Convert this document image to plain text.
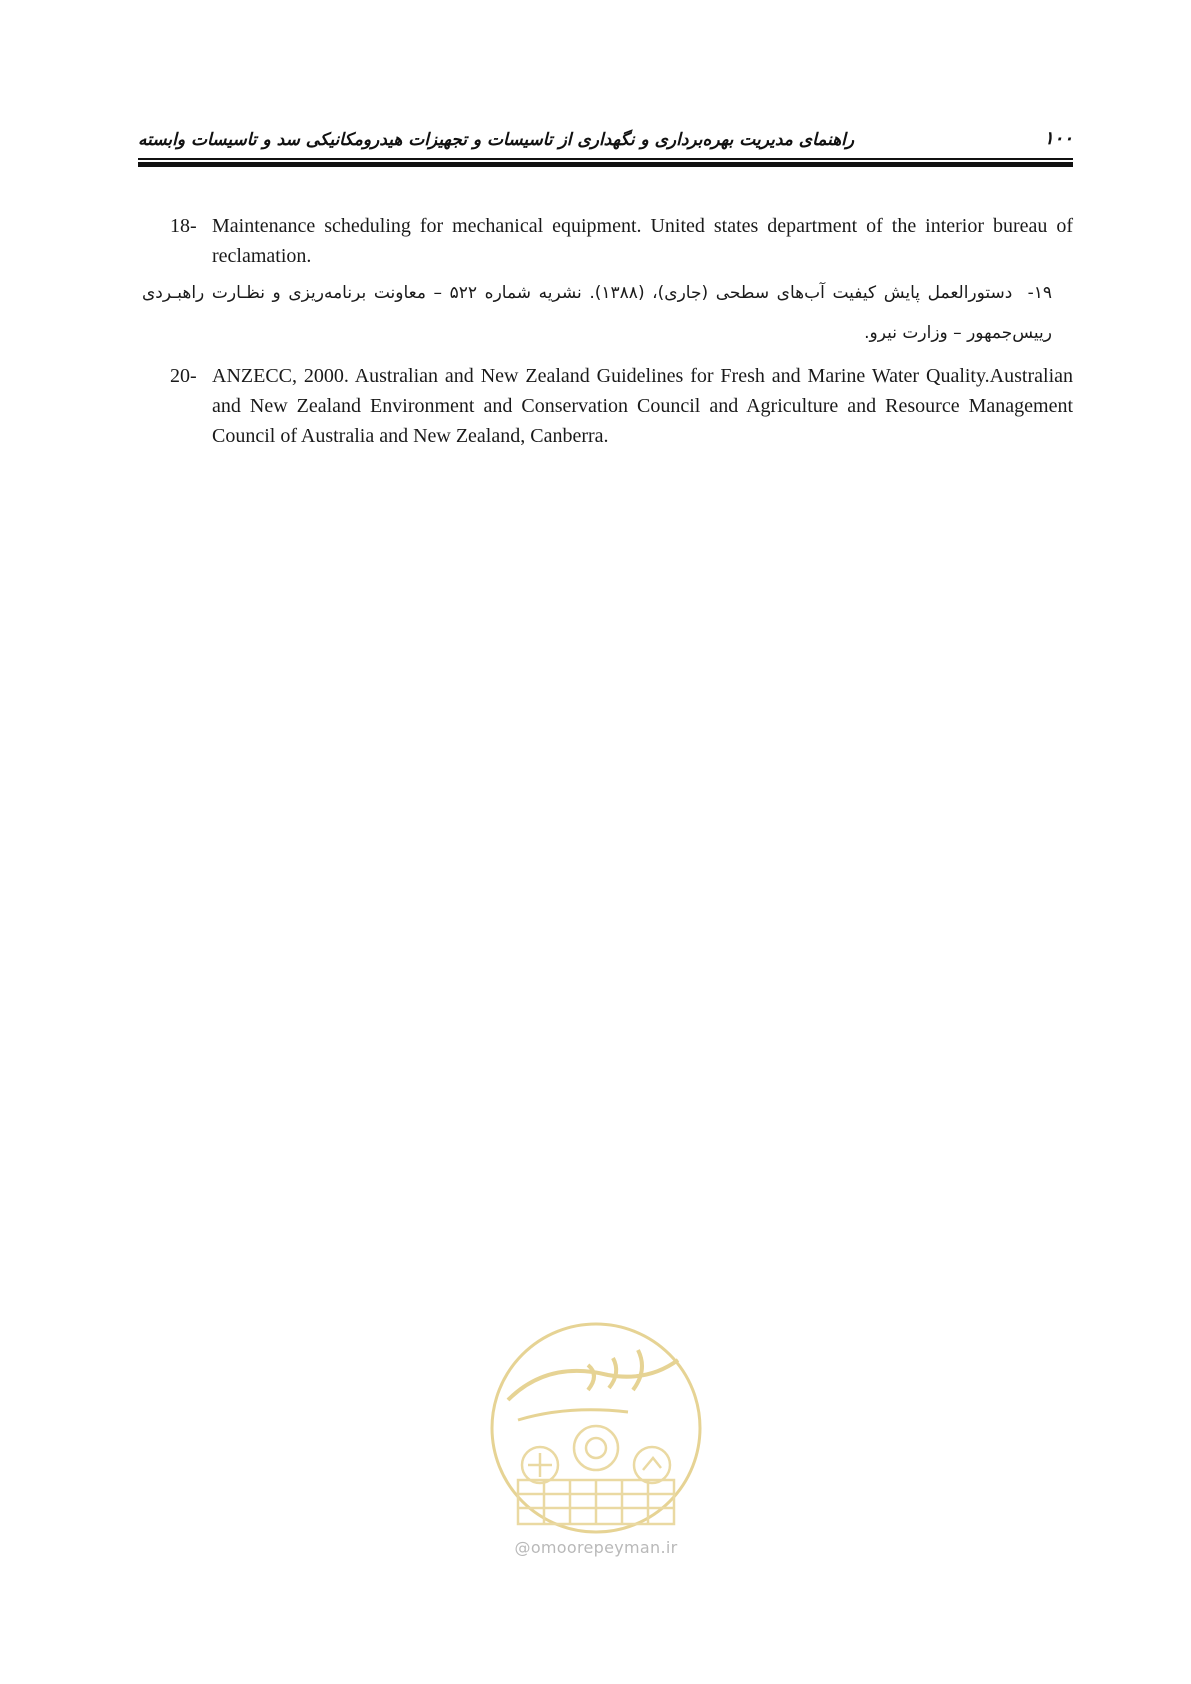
راهنمای مدیریت بهره‌برداری و نگهداری از تاسیسات و تجهیزات هیدرومکانیکی سد و تاسیسات وابسته	۱۰۰
18- Maintenance scheduling for mechanical equipment. United states department of the interior bureau of reclamation.
۱۹-  دستورالعمل پایش کیفیت آب‌های سطحی (جاری)، (۱۳۸۸). نشریه شماره ۵۲۲ – معاونت برنامه‌ریزی و نظـارت راهبـردی
رییس‌جمهور – وزارت نیرو.
20- ANZECC, 2000. Australian and New Zealand Guidelines for Fresh and Marine Water Quality.Australian and New Zealand Environment and Conservation Council and Agriculture and Resource Management Council of Australia and New Zealand, Canberra.
@omoorepeyman.ir
